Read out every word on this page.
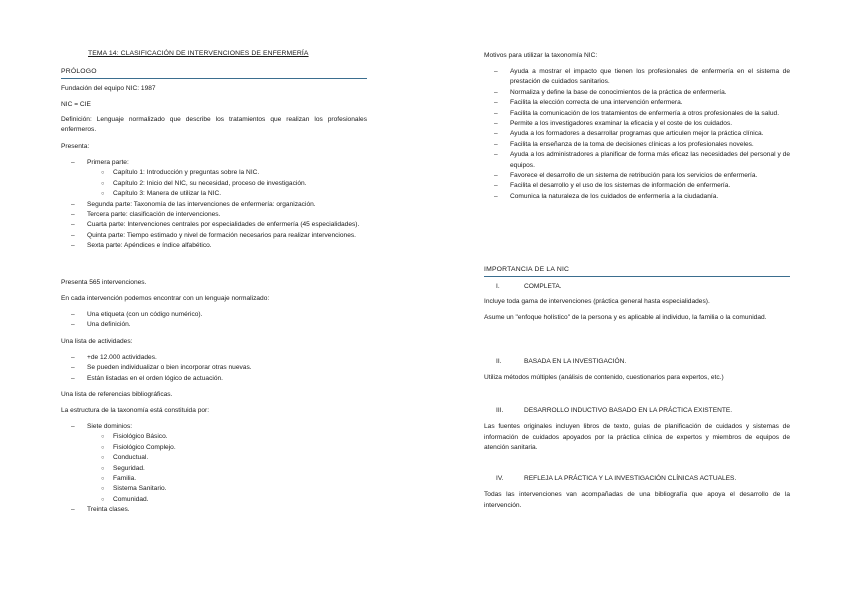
TEMA 14: CLASIFICACIÓN DE INTERVENCIONES DE ENFERMERÍA
PRÓLOGO

Fundación del equipo NIC: 1987

NIC = CIE

Definición: Lenguaje normalizado que describe los tratamientos que realizan los profesionales enfermeros.

Presenta:

– Primera parte:
○ Capítulo 1: Introducción y preguntas sobre la NIC.
○ Capítulo 2: Inicio del NIC, su necesidad, proceso de investigación.
○ Capítulo 3: Manera de utilizar la NIC.
– Segunda parte: Taxonomía de las intervenciones de enfermería: organización.
– Tercera parte: clasificación de intervenciones.
– Cuarta parte: Intervenciones centrales por especialidades de enfermería (45 especialidades).
– Quinta parte: Tiempo estimado y nivel de formación necesarios para realizar intervenciones.
– Sexta parte: Apéndices e índice alfabético.

Presenta 565 intervenciones.

En cada intervención podemos encontrar con un lenguaje normalizado:

– Una etiqueta (con un código numérico).
– Una definición.

Una lista de actividades:

– +de 12.000 actividades.
– Se pueden individualizar o bien incorporar otras nuevas.
– Están listadas en el orden lógico de actuación.

Una lista de referencias bibliográficas.

La estructura de la taxonomía está constituida por:

– Siete dominios:
○ Fisiológico Básico.
○ Fisiológico Complejo.
○ Conductual.
○ Seguridad.
○ Familia.
○ Sistema Sanitario.
○ Comunidad.
– Treinta clases.

Motivos para utilizar la taxonomía NIC:

– Ayuda a mostrar el impacto que tienen los profesionales de enfermería en el sistema de prestación de cuidados sanitarios.
– Normaliza y define la base de conocimientos de la práctica de enfermería.
– Facilita la elección correcta de una intervención enfermera.
– Facilita la comunicación de los tratamientos de enfermería a otros profesionales de la salud.
– Permite a los investigadores examinar la eficacia y el coste de los cuidados.
– Ayuda a los formadores a desarrollar programas que articulen mejor la práctica clínica.
– Facilita la enseñanza de la toma de decisiones clínicas a los profesionales noveles.
– Ayuda a los administradores a planificar de forma más eficaz las necesidades del personal y de equipos.
– Favorece el desarrollo de un sistema de retribución para los servicios de enfermería.
– Facilita el desarrollo y el uso de los sistemas de información de enfermería.
– Comunica la naturaleza de los cuidados de enfermería a la ciudadanía.
IMPORTANCIA DE LA NIC
I.	COMPLETA.

Incluye toda gama de intervenciones (práctica general hasta especialidades).

Asume un "enfoque holístico" de la persona y es aplicable al individuo, la familia o la comunidad.

II.	BASADA EN LA INVESTIGACIÓN.

Utiliza métodos múltiples (análisis de contenido, cuestionarios para expertos, etc.)

III.	DESARROLLO INDUCTIVO BASADO EN LA PRÁCTICA EXISTENTE.

Las fuentes originales incluyen libros de texto, guías de planificación de cuidados y sistemas de información de cuidados apoyados por la práctica clínica de expertos y miembros de equipos de atención sanitaria.

IV.	REFLEJA LA PRÁCTICA Y LA INVESTIGACIÓN CLÍNICAS ACTUALES.

Todas las intervenciones van acompañadas de una bibliografía que apoya el desarrollo de la intervención.
